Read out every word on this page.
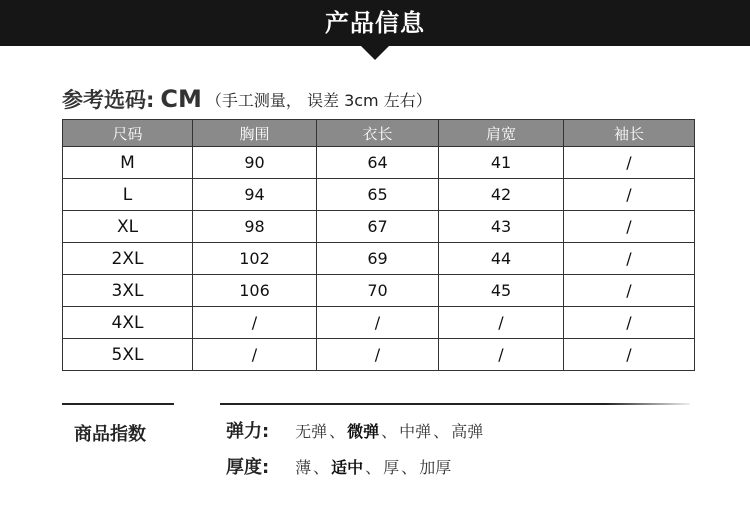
产品信息
参考选码: CM （手工测量， 误差 3cm 左右）
尺码	胸围	衣长	肩宽	袖长
M	90	64	41	/
L	94	65	42	/
XL	98	67	43	/
2XL	102	69	44	/
3XL	106	70	45	/
4XL	/	/	/	/
5XL	/	/	/	/
商品指数	弹力: 无弹 、 微弹 、 中弹 、 高弹
厚度: 薄 、 适中 、 厚 、 加厚
